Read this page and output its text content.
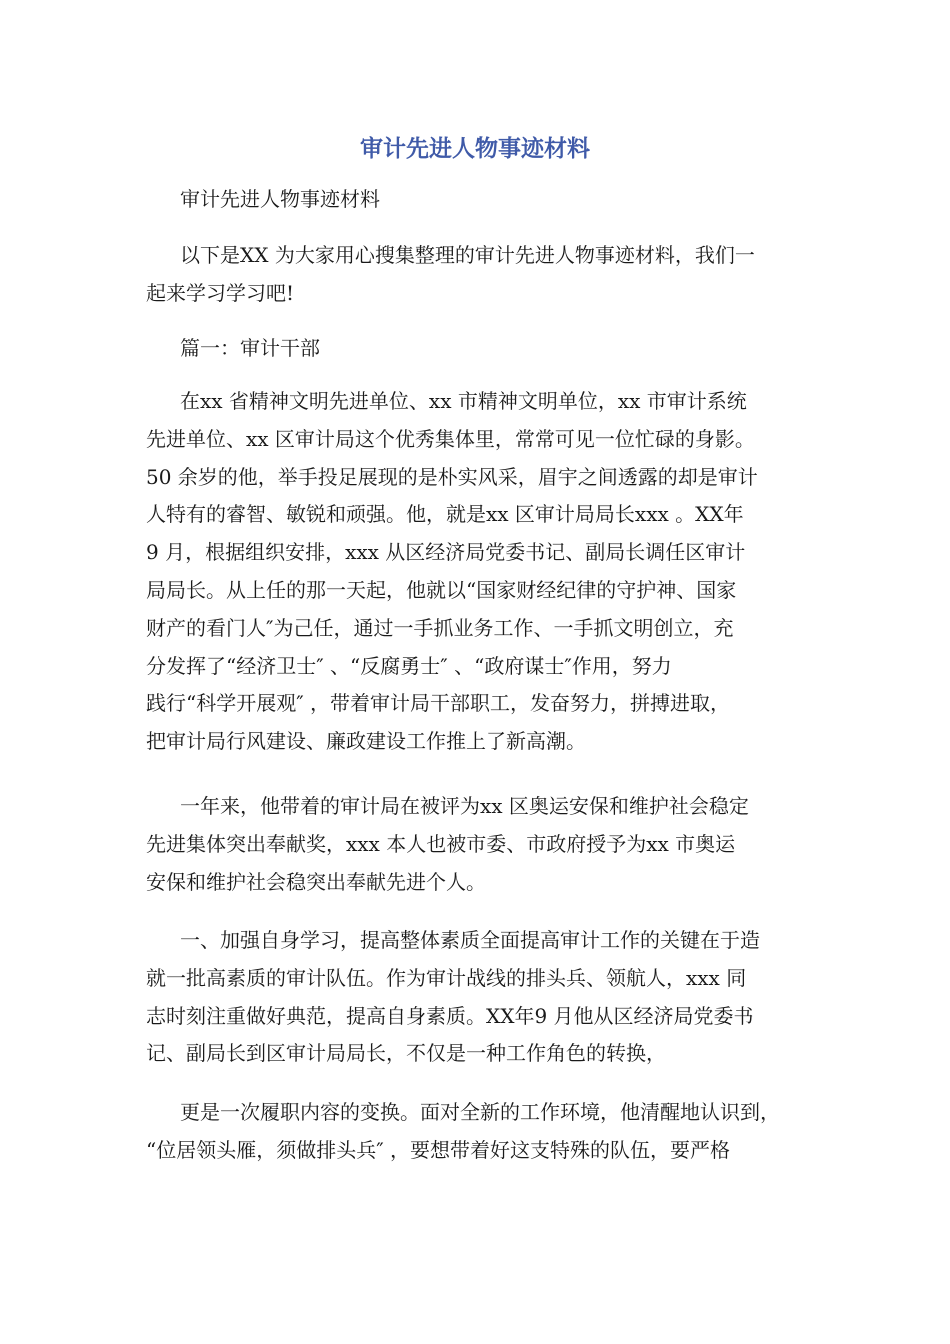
审计先进人物事迹材料
审计先进人物事迹材料
以下是XX 为大家用心搜集整理的审计先进人物事迹材料，我们一
起来学习学习吧!
篇一：审计干部
在xx 省精神文明先进单位、xx 市精神文明单位，xx 市审计系统
先进单位、xx 区审计局这个优秀集体里，常常可见一位忙碌的身影。
50 余岁的他，举手投足展现的是朴实风采，眉宇之间透露的却是审计
人特有的睿智、敏锐和顽强。他，就是xx 区审计局局长xxx 。XX年
9 月，根据组织安排，xxx 从区经济局党委书记、副局长调任区审计
局局长。从上任的那一天起，他就以“国家财经纪律的守护神、国家
财产的看门人″为己任，通过一手抓业务工作、一手抓文明创立，充
分发挥了“经济卫士″ 、“反腐勇士″ 、“政府谋士″作用，努力
践行“科学开展观″ ，带着审计局干部职工，发奋努力，拼搏进取，
把审计局行风建设、廉政建设工作推上了新高潮。
一年来，他带着的审计局在被评为xx 区奥运安保和维护社会稳定
先进集体突出奉献奖，xxx 本人也被市委、市政府授予为xx 市奥运
安保和维护社会稳突出奉献先进个人。
一、加强自身学习，提高整体素质全面提高审计工作的关键在于造
就一批高素质的审计队伍。作为审计战线的排头兵、领航人，xxx 同
志时刻注重做好典范，提高自身素质。XX年9 月他从区经济局党委书
记、副局长到区审计局局长，不仅是一种工作角色的转换，
更是一次履职内容的变换。面对全新的工作环境，他清醒地认识到，
“位居领头雁，须做排头兵″ ，要想带着好这支特殊的队伍，要严格
